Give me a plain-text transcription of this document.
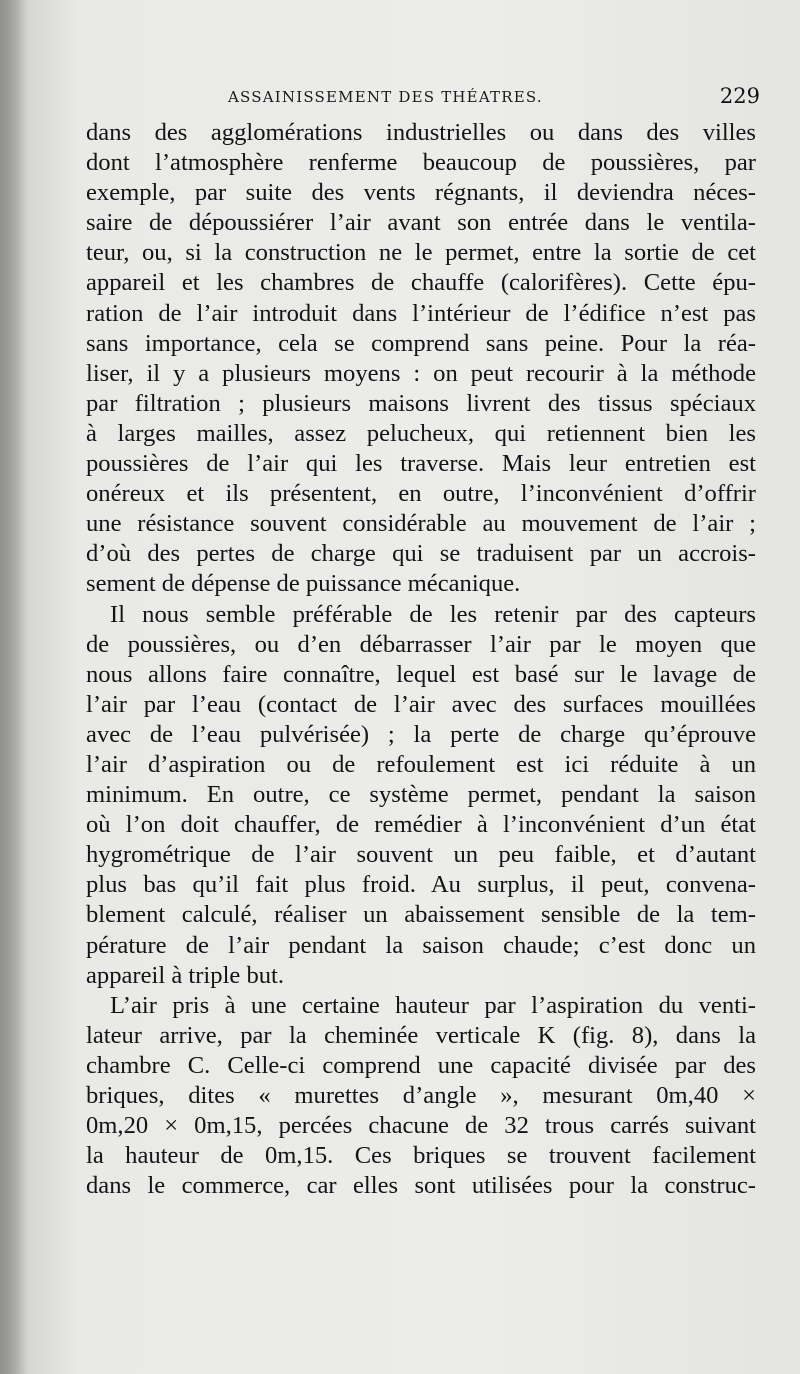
ASSAINISSEMENT DES THÉATRES.	229

dans des agglomérations industrielles ou dans des villes
dont l’atmosphère renferme beaucoup de poussières, par
exemple, par suite des vents régnants, il deviendra néces-
saire de dépoussiérer l’air avant son entrée dans le ventila-
teur, ou, si la construction ne le permet, entre la sortie de cet
appareil et les chambres de chauffe (calorifères). Cette épu-
ration de l’air introduit dans l’intérieur de l’édifice n’est pas
sans importance, cela se comprend sans peine. Pour la réa-
liser, il y a plusieurs moyens : on peut recourir à la méthode
par filtration ; plusieurs maisons livrent des tissus spéciaux
à larges mailles, assez pelucheux, qui retiennent bien les
poussières de l’air qui les traverse. Mais leur entretien est
onéreux et ils présentent, en outre, l’inconvénient d’offrir
une résistance souvent considérable au mouvement de l’air ;
d’où des pertes de charge qui se traduisent par un accrois-
sement de dépense de puissance mécanique.

Il nous semble préférable de les retenir par des capteurs
de poussières, ou d’en débarrasser l’air par le moyen que
nous allons faire connaître, lequel est basé sur le lavage de
l’air par l’eau (contact de l’air avec des surfaces mouillées
avec de l’eau pulvérisée) ; la perte de charge qu’éprouve
l’air d’aspiration ou de refoulement est ici réduite à un
minimum. En outre, ce système permet, pendant la saison
où l’on doit chauffer, de remédier à l’inconvénient d’un état
hygrométrique de l’air souvent un peu faible, et d’autant
plus bas qu’il fait plus froid. Au surplus, il peut, convena-
blement calculé, réaliser un abaissement sensible de la tem-
pérature de l’air pendant la saison chaude; c’est donc un
appareil à triple but.

L’air pris à une certaine hauteur par l’aspiration du venti-
lateur arrive, par la cheminée verticale K (fig. 8), dans la
chambre C. Celle-ci comprend une capacité divisée par des
briques, dites « murettes d’angle », mesurant 0m,40 ×
0m,20 × 0m,15, percées chacune de 32 trous carrés suivant
la hauteur de 0m,15. Ces briques se trouvent facilement
dans le commerce, car elles sont utilisées pour la construc-
